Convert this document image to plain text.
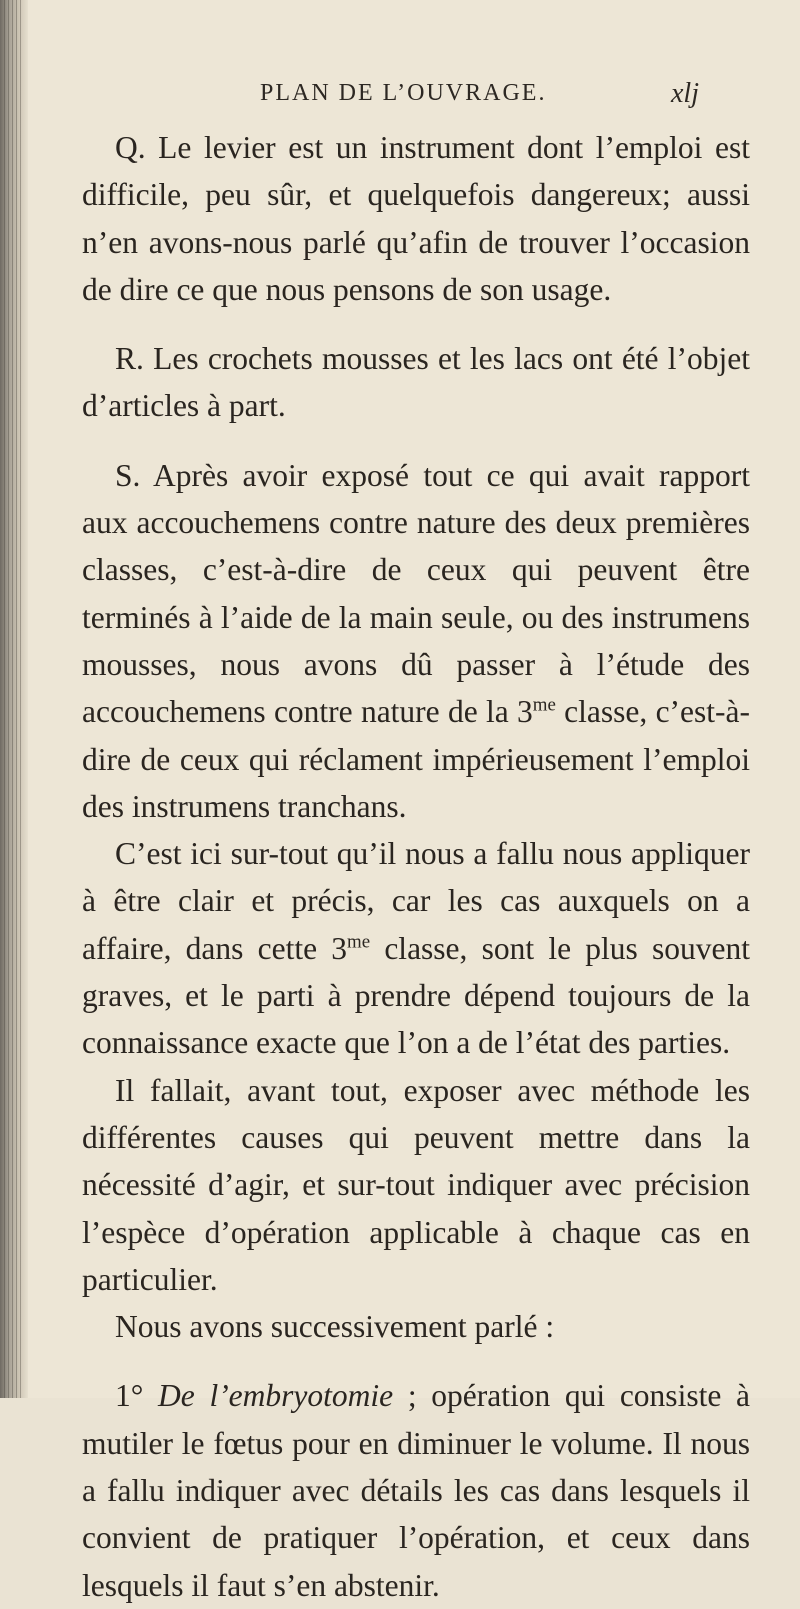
PLAN DE L’OUVRAGE.	xlj

Q. Le levier est un instrument dont l’emploi est difficile, peu sûr, et quelquefois dangereux; aussi n’en avons-nous parlé qu’afin de trouver l’occasion de dire ce que nous pensons de son usage.

R. Les crochets mousses et les lacs ont été l’objet d’articles à part.

S. Après avoir exposé tout ce qui avait rapport aux accouchemens contre nature des deux premières classes, c’est-à-dire de ceux qui peuvent être terminés à l’aide de la main seule, ou des instrumens mousses, nous avons dû passer à l’étude des accouchemens contre nature de la $3^{me}$ classe, c’est-à-dire de ceux qui réclament impérieusement l’emploi des instrumens tranchans.

C’est ici sur-tout qu’il nous a fallu nous appliquer à être clair et précis, car les cas auxquels on a affaire, dans cette $3^{me}$ classe, sont le plus souvent graves, et le parti à prendre dépend toujours de la connaissance exacte que l’on a de l’état des parties.

Il fallait, avant tout, exposer avec méthode les différentes causes qui peuvent mettre dans la nécessité d’agir, et sur-tout indiquer avec précision l’espèce d’opération applicable à chaque cas en particulier.

Nous avons successivement parlé :

1° De l’embryotomie ; opération qui consiste à mutiler le fœtus pour en diminuer le volume. Il nous a fallu indiquer avec détails les cas dans lesquels il convient de pratiquer l’opération, et ceux dans lesquels il faut s’en abstenir.
